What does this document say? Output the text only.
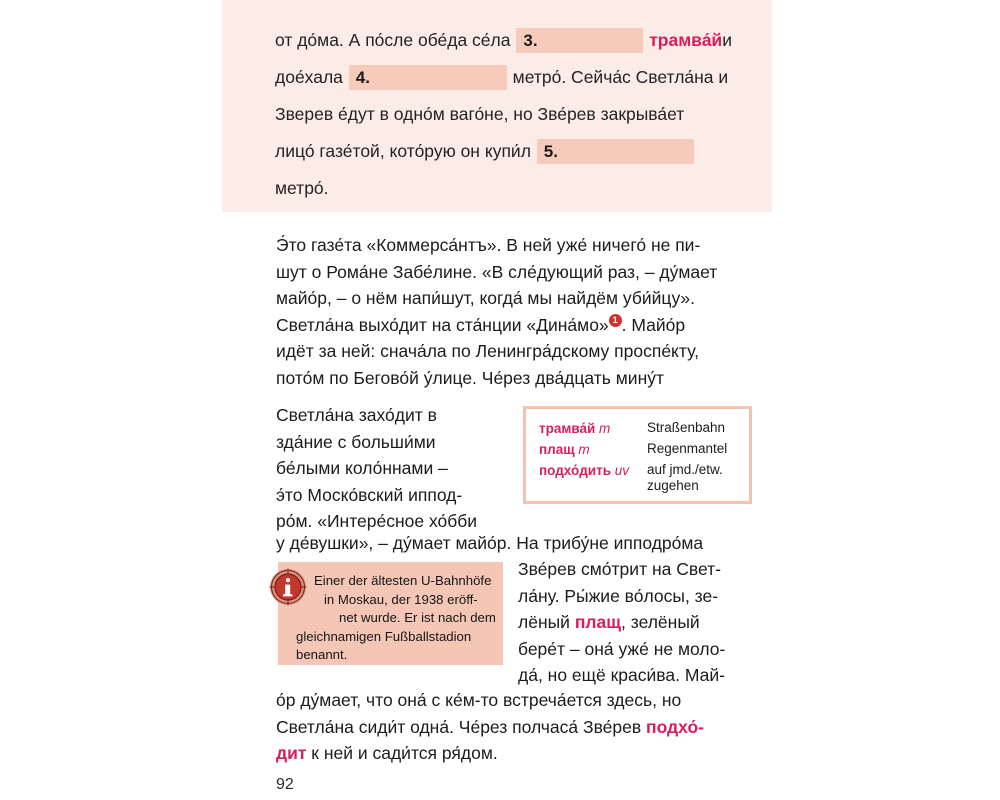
от до́ма. А по́сле обе́да се́ла
3.
	трамва́й и
дое́хала
4.
	метро́. Сейча́с Светла́на и
Зверев е́дут в одно́м ваго́не, но Зве́рев закрыва́ет
лицо́ газе́той, кото́рую он купи́л
5.
метро́.
Э́то газе́та «Коммерса́нтъ». В ней уже́ ничего́ не пи-
шут о Рома́не Забе́лине. «В сле́дующий раз, – ду́мает
майо́р, – о нём напи́шут, когда́ мы найдём уби́йцу».
Светла́на выхо́дит на ста́нции «Дина́мо» 1 . Майо́р
идёт за ней: снача́ла по Ленингра́дскому проспе́кту,
пото́м по Бегово́й у́лице. Че́рез два́дцать мину́т
Светла́на захо́дит в
зда́ние с больши́ми
бе́лыми коло́ннами –
э́то Моско́вский иппод-
ро́м. «Интере́сное хо́бби
трамва́й m	Straßenbahn
плащ m	Regenmantel
подхо́дить uv	auf jmd./etw.
zugehen
у де́вушки», – ду́мает майо́р. На трибу́не ипподро́ма
Einer der ältesten U-Bahnhöfe
in Moskau, der 1938 eröff-
net wurde. Er ist nach dem
gleichnamigen Fußballstadion
benannt.
Зве́рев смо́трит на Свет-
ла́ну. Ры́жие во́лосы, зе-
лёный плащ, зелёный
бере́т – она́ уже́ не моло-
да́, но ещё краси́ва. Май-
о́р ду́мает, что она́ с ке́м-то встреча́ется здесь, но
Светла́на сиди́т одна́. Че́рез полчаса́ Зве́рев подхо́-
дит к ней и сади́тся ря́дом.
92
